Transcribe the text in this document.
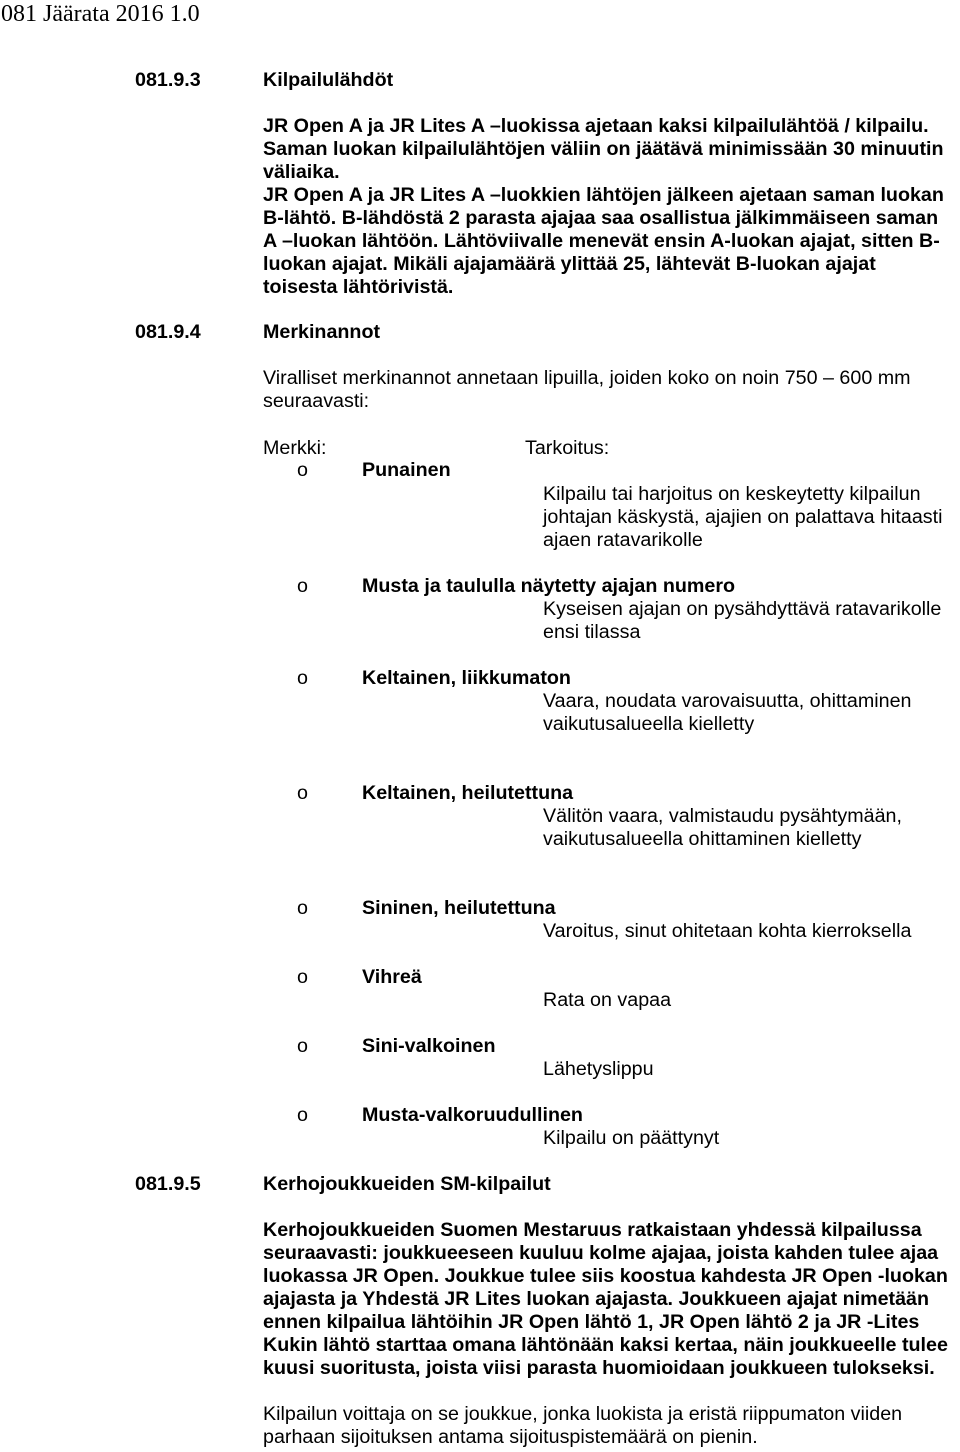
081 Jäärata 2016 1.0
081.9.3	Kilpailulähdöt
JR Open A ja JR Lites A –luokissa ajetaan kaksi kilpailulähtöä / kilpailu.
Saman luokan kilpailulähtöjen väliin on jäätävä minimissään 30 minuutin
väliaika.
JR Open A ja JR Lites A –luokkien lähtöjen jälkeen ajetaan saman luokan
B-lähtö. B-lähdöstä 2 parasta ajajaa saa osallistua jälkimmäiseen saman
A –luokan lähtöön. Lähtöviivalle menevät ensin A-luokan ajajat, sitten B-
luokan ajajat. Mikäli ajajamäärä ylittää 25, lähtevät B-luokan ajajat
toisesta lähtörivistä.
081.9.4	Merkinannot
Viralliset merkinannot annetaan lipuilla, joiden koko on noin 750 – 600 mm
seuraavasti:
Merkki:	Tarkoitus:
o	Punainen
Kilpailu tai harjoitus on keskeytetty kilpailun
johtajan käskystä, ajajien on palattava hitaasti
ajaen ratavarikolle
o	Musta ja taululla näytetty ajajan numero
Kyseisen ajajan on pysähdyttävä ratavarikolle
ensi tilassa
o	Keltainen, liikkumaton
Vaara, noudata varovaisuutta, ohittaminen
vaikutusalueella kielletty
o	Keltainen, heilutettuna
Välitön vaara, valmistaudu pysähtymään,
vaikutusalueella ohittaminen kielletty
o	Sininen, heilutettuna
Varoitus, sinut ohitetaan kohta kierroksella
o	Vihreä
Rata on vapaa
o	Sini-valkoinen
Lähetyslippu
o	Musta-valkoruudullinen
Kilpailu on päättynyt
081.9.5	Kerhojoukkueiden SM-kilpailut
Kerhojoukkueiden Suomen Mestaruus ratkaistaan yhdessä kilpailussa
seuraavasti: joukkueeseen kuuluu kolme ajajaa, joista kahden tulee ajaa
luokassa JR Open. Joukkue tulee siis koostua kahdesta JR Open -luokan
ajajasta ja Yhdestä JR Lites luokan ajajasta. Joukkueen ajajat nimetään
ennen kilpailua lähtöihin JR Open lähtö 1, JR Open lähtö 2 ja JR -Lites
Kukin lähtö starttaa omana lähtönään kaksi kertaa, näin joukkueelle tulee
kuusi suoritusta, joista viisi parasta huomioidaan joukkueen tulokseksi.
Kilpailun voittaja on se joukkue, jonka luokista ja eristä riippumaton viiden
parhaan sijoituksen antama sijoituspistemäärä on pienin.
